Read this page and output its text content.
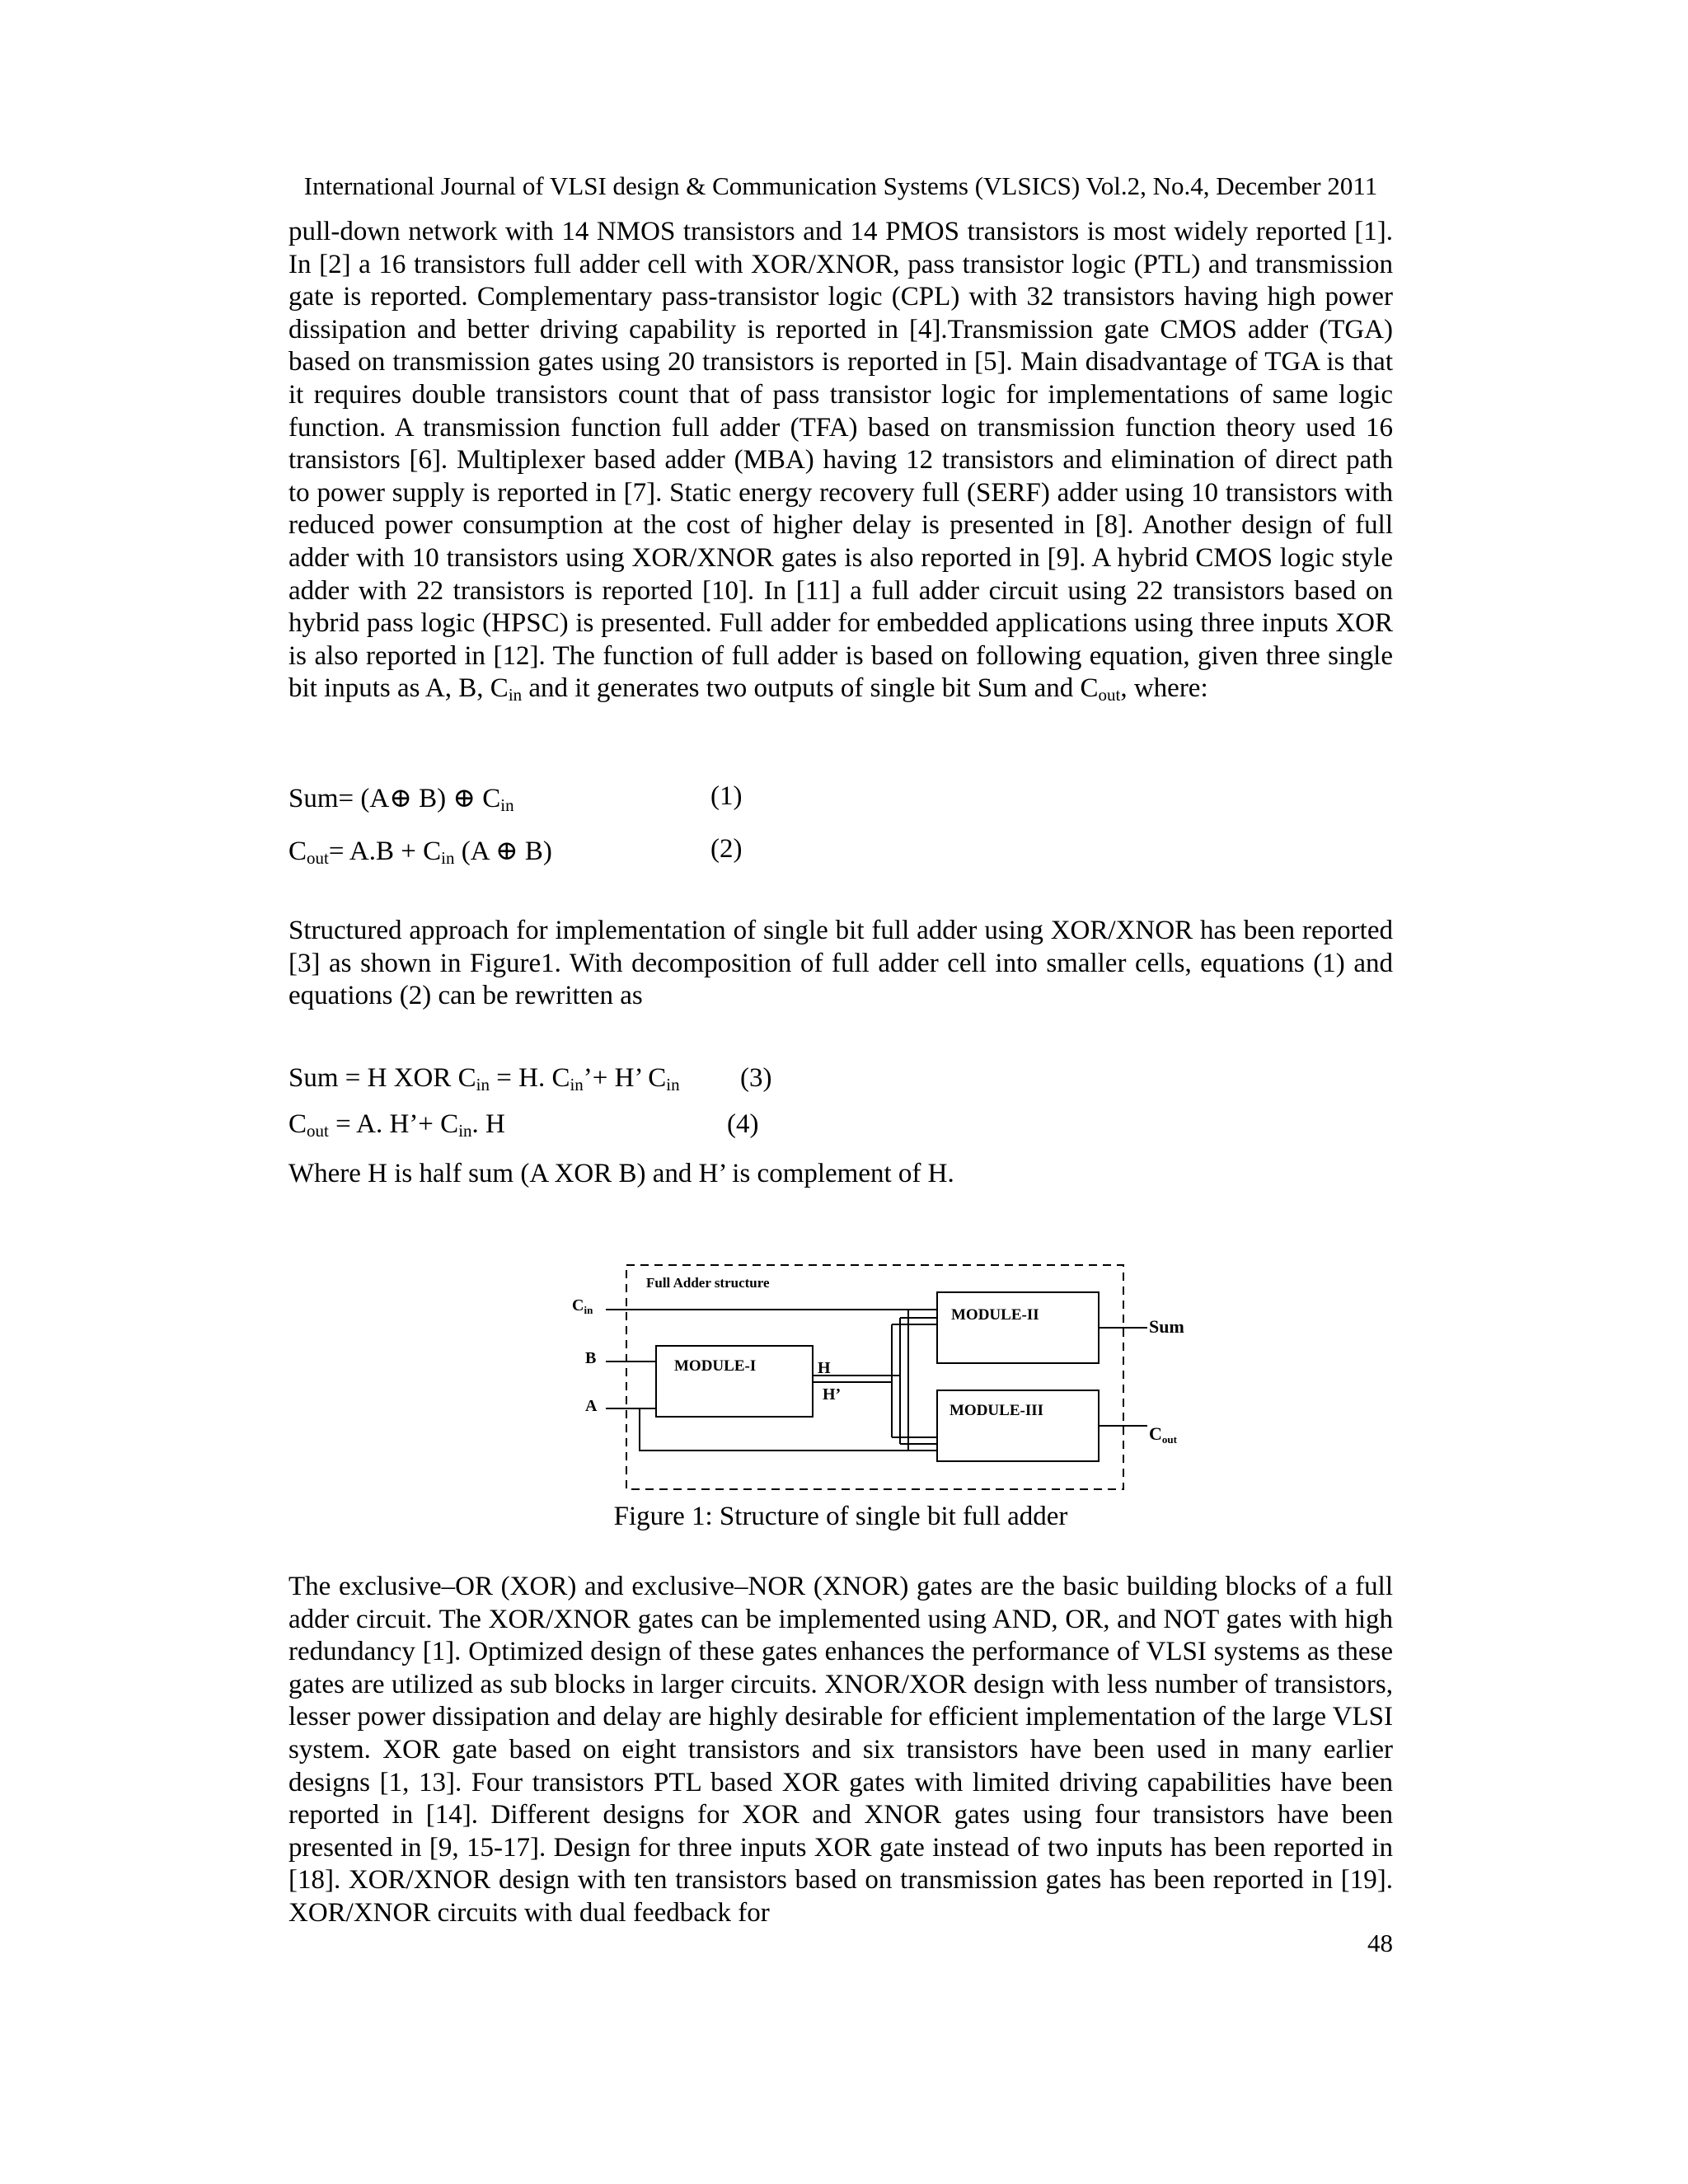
International Journal of VLSI design & Communication Systems (VLSICS) Vol.2, No.4, December 2011

pull-down network with 14 NMOS transistors and 14 PMOS transistors is most widely reported [1]. In [2] a 16 transistors full adder cell with XOR/XNOR, pass transistor logic (PTL) and transmission gate is reported. Complementary pass-transistor logic (CPL) with 32 transistors having high power dissipation and better driving capability is reported in [4].Transmission gate CMOS adder (TGA) based on transmission gates using 20 transistors is reported in [5]. Main disadvantage of TGA is that it requires double transistors count that of pass transistor logic for implementations of same logic function. A transmission function full adder (TFA) based on transmission function theory used 16 transistors [6]. Multiplexer based adder (MBA) having 12 transistors and elimination of direct path to power supply is reported in [7]. Static energy recovery full (SERF) adder using 10 transistors with reduced power consumption at the cost of higher delay is presented in [8]. Another design of full adder with 10 transistors using XOR/XNOR gates is also reported in [9]. A hybrid CMOS logic style adder with 22 transistors is reported [10]. In [11] a full adder circuit using 22 transistors based on hybrid pass logic (HPSC) is presented. Full adder for embedded applications using three inputs XOR is also reported in [12]. The function of full adder is based on following equation, given three single bit inputs as A, B, $C_{in}$ and it generates two outputs of single bit Sum and $C_{out}$, where:

Sum= (A⊕ B) ⊕ $C_{in}$	(1)
$C_{out}= A.B + C_{in}$ (A ⊕ B)	(2)

Structured approach for implementation of single bit full adder using XOR/XNOR has been reported [3] as shown in Figure1. With decomposition of full adder cell into smaller cells, equations (1) and equations (2) can be rewritten as

Sum = H XOR $C_{in} = H$. $C_{in}’+ H$’ $C_{in}$ (3)
$C_{out} = A$. H’+ $C_{in}$. H	(4)
Where H is half sum (A XOR B) and H’ is complement of H.
Full Adder structure
MODULE-II
MODULE-I
MODULE-III
$C_{in}$
B
A
H
H’
Sum
$C_{out}$
Figure 1: Structure of single bit full adder

The exclusive–OR (XOR) and exclusive–NOR (XNOR) gates are the basic building blocks of a full adder circuit. The XOR/XNOR gates can be implemented using AND, OR, and NOT gates with high redundancy [1]. Optimized design of these gates enhances the performance of VLSI systems as these gates are utilized as sub blocks in larger circuits. XNOR/XOR design with less number of transistors, lesser power dissipation and delay are highly desirable for efficient implementation of the large VLSI system. XOR gate based on eight transistors and six transistors have been used in many earlier designs [1, 13]. Four transistors PTL based XOR gates with limited driving capabilities have been reported in [14]. Different designs for XOR and XNOR gates using four transistors have been presented in [9, 15-17]. Design for three inputs XOR gate instead of two inputs has been reported in [18]. XOR/XNOR design with ten transistors based on transmission gates has been reported in [19]. XOR/XNOR circuits with dual feedback for

48
